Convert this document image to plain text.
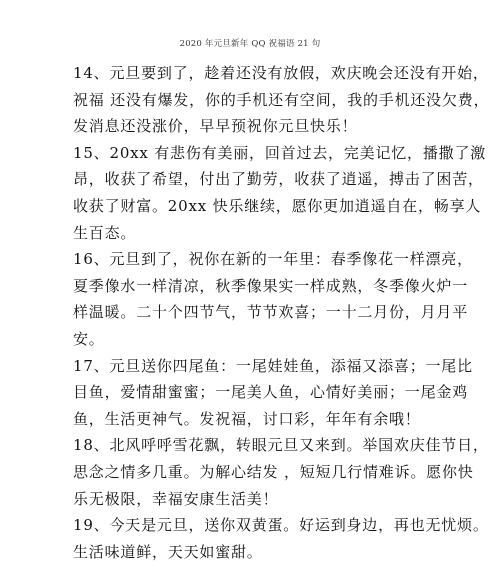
2020 年元旦新年 QQ 祝福语 21 句
14、元旦要到了，趁着还没有放假，欢庆晚会还没有开始，
祝福 还没有爆发，你的手机还有空间，我的手机还没欠费，
发消息还没涨价，早早预祝你元旦快乐！
15、20xx 有悲伤有美丽，回首过去，完美记忆，播撒了激
昂，收获了希望，付出了勤劳，收获了逍遥，搏击了困苦，
收获了财富。20xx 快乐继续，愿你更加逍遥自在，畅享人
生百态。
16、元旦到了，祝你在新的一年里：春季像花一样漂亮，
夏季像水一样清凉，秋季像果实一样成熟，冬季像火炉一
样温暖。二十个四节气，节节欢喜；一十二月份，月月平
安。
17、元旦送你四尾鱼：一尾娃娃鱼，添福又添喜；一尾比
目鱼，爱情甜蜜蜜；一尾美人鱼，心情好美丽；一尾金鸡
鱼，生活更神气。发祝福，讨口彩，年年有余哦！
18、北风呼呼雪花飘，转眼元旦又来到。举国欢庆佳节日，
思念之情多几重。为解心结发 ，短短几行情难诉。愿你快
乐无极限，幸福安康生活美！
19、今天是元旦，送你双黄蛋。好运到身边，再也无忧烦。
生活味道鲜，天天如蜜甜。
